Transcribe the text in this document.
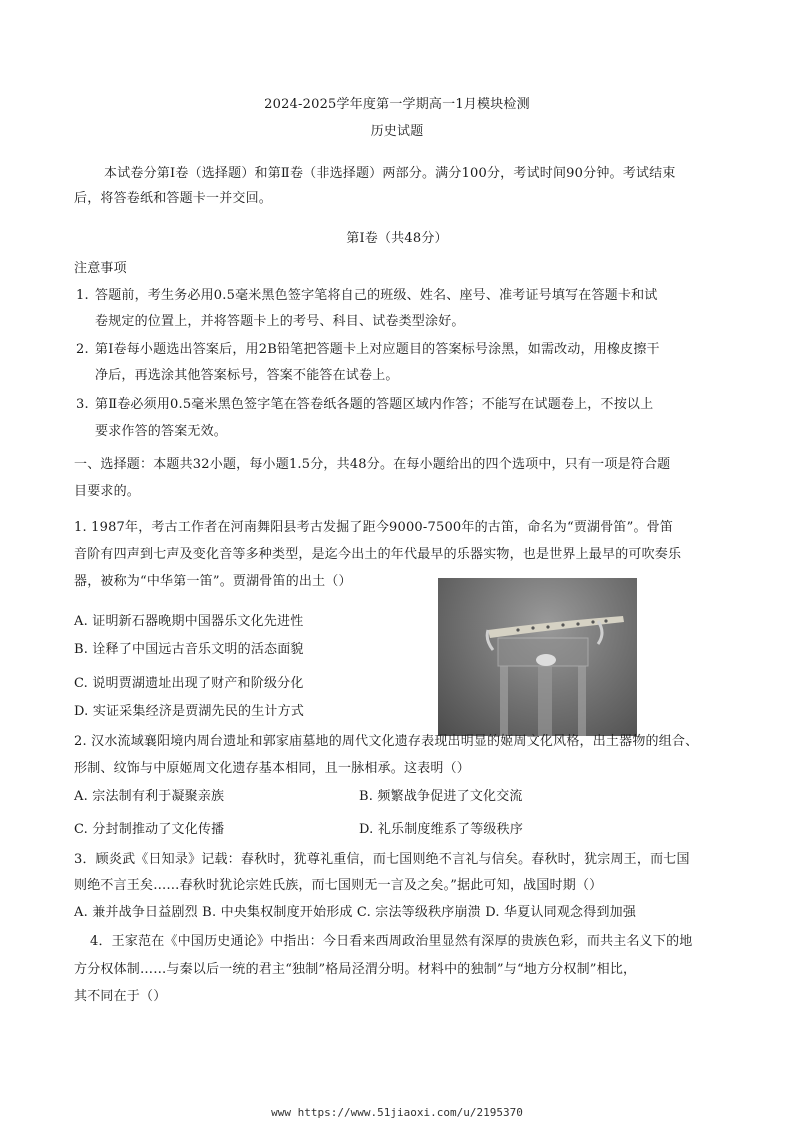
2024-2025学年度第一学期高一1月模块检测
历史试题
本试卷分第Ⅰ卷（选择题）和第Ⅱ卷（非选择题）两部分。满分100分，考试时间90分钟。考试结束
后，将答卷纸和答题卡一并交回。
第Ⅰ卷（共48分）
注意事项
1. 答题前，考生务必用0.5毫米黑色签字笔将自己的班级、姓名、座号、准考证号填写在答题卡和试
卷规定的位置上，并将答题卡上的考号、科目、试卷类型涂好。
2. 第Ⅰ卷每小题选出答案后，用2B铅笔把答题卡上对应题目的答案标号涂黑，如需改动，用橡皮擦干
净后，再选涂其他答案标号，答案不能答在试卷上。
3. 第Ⅱ卷必须用0.5毫米黑色签字笔在答卷纸各题的答题区域内作答；不能写在试题卷上，不按以上
要求作答的答案无效。
一、选择题：本题共32小题，每小题1.5分，共48分。在每小题给出的四个选项中，只有一项是符合题
目要求的。
1. 1987年，考古工作者在河南舞阳县考古发掘了距今9000-7500年的古笛，命名为“贾湖骨笛”。骨笛
音阶有四声到七声及变化音等多种类型，是迄今出土的年代最早的乐器实物，也是世界上最早的可吹奏乐
器，被称为“中华第一笛”。贾湖骨笛的出土（）
A. 证明新石器晚期中国器乐文化先进性
B. 诠释了中国远古音乐文明的活态面貌
C. 说明贾湖遗址出现了财产和阶级分化
D. 实证采集经济是贾湖先民的生计方式
2. 汉水流域襄阳境内周台遗址和郭家庙墓地的周代文化遗存表现出明显的姬周文化风格，出土器物的组合、
形制、纹饰与中原姬周文化遗存基本相同，且一脉相承。这表明（）
A. 宗法制有利于凝聚亲族	B. 频繁战争促进了文化交流
C. 分封制推动了文化传播	D. 礼乐制度维系了等级秩序
3．顾炎武《日知录》记载：春秋时，犹尊礼重信，而七国则绝不言礼与信矣。春秋时，犹宗周王，而七国
则绝不言王矣……春秋时犹论宗姓氏族，而七国则无一言及之矣。”据此可知，战国时期（）
A. 兼并战争日益剧烈 B. 中央集权制度开始形成 C. 宗法等级秩序崩溃 D. 华夏认同观念得到加强
4．王家范在《中国历史通论》中指出：今日看来西周政治里显然有深厚的贵族色彩，而共主名义下的地
方分权体制……与秦以后一统的君主“独制”格局泾渭分明。材料中的独制”与“地方分权制”相比，
其不同在于（）
www https://www.51jiaoxi.com/u/2195370
